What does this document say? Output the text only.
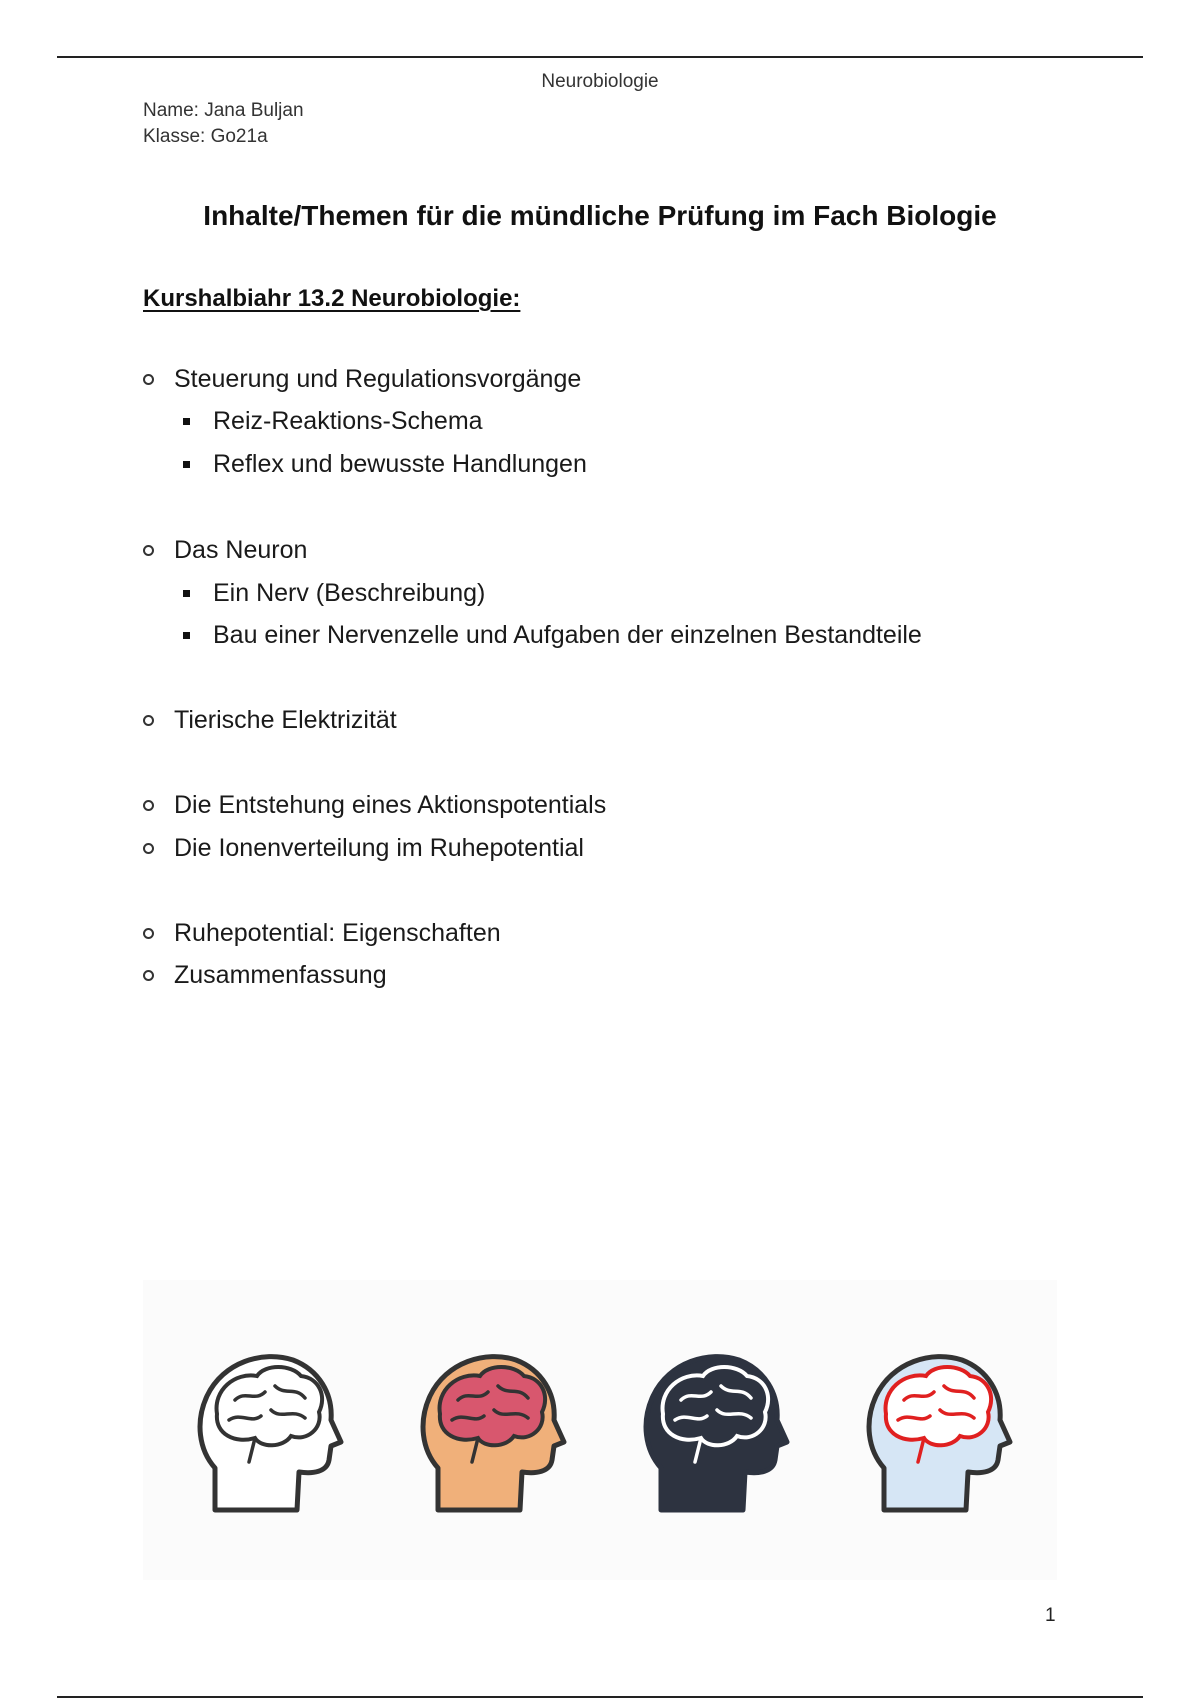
Neurobiologie
Name: Jana Buljan
Klasse: Go21a
Inhalte/Themen für die mündliche Prüfung im Fach Biologie
Kurshalbiahr 13.2 Neurobiologie:
Steuerung und Regulationsvorgänge
Reiz-Reaktions-Schema
Reflex und bewusste Handlungen
Das Neuron
Ein Nerv (Beschreibung)
Bau einer Nervenzelle und Aufgaben der einzelnen Bestandteile
Tierische Elektrizität
Die Entstehung eines Aktionspotentials
Die Ionenverteilung im Ruhepotential
Ruhepotential: Eigenschaften
Zusammenfassung
1
